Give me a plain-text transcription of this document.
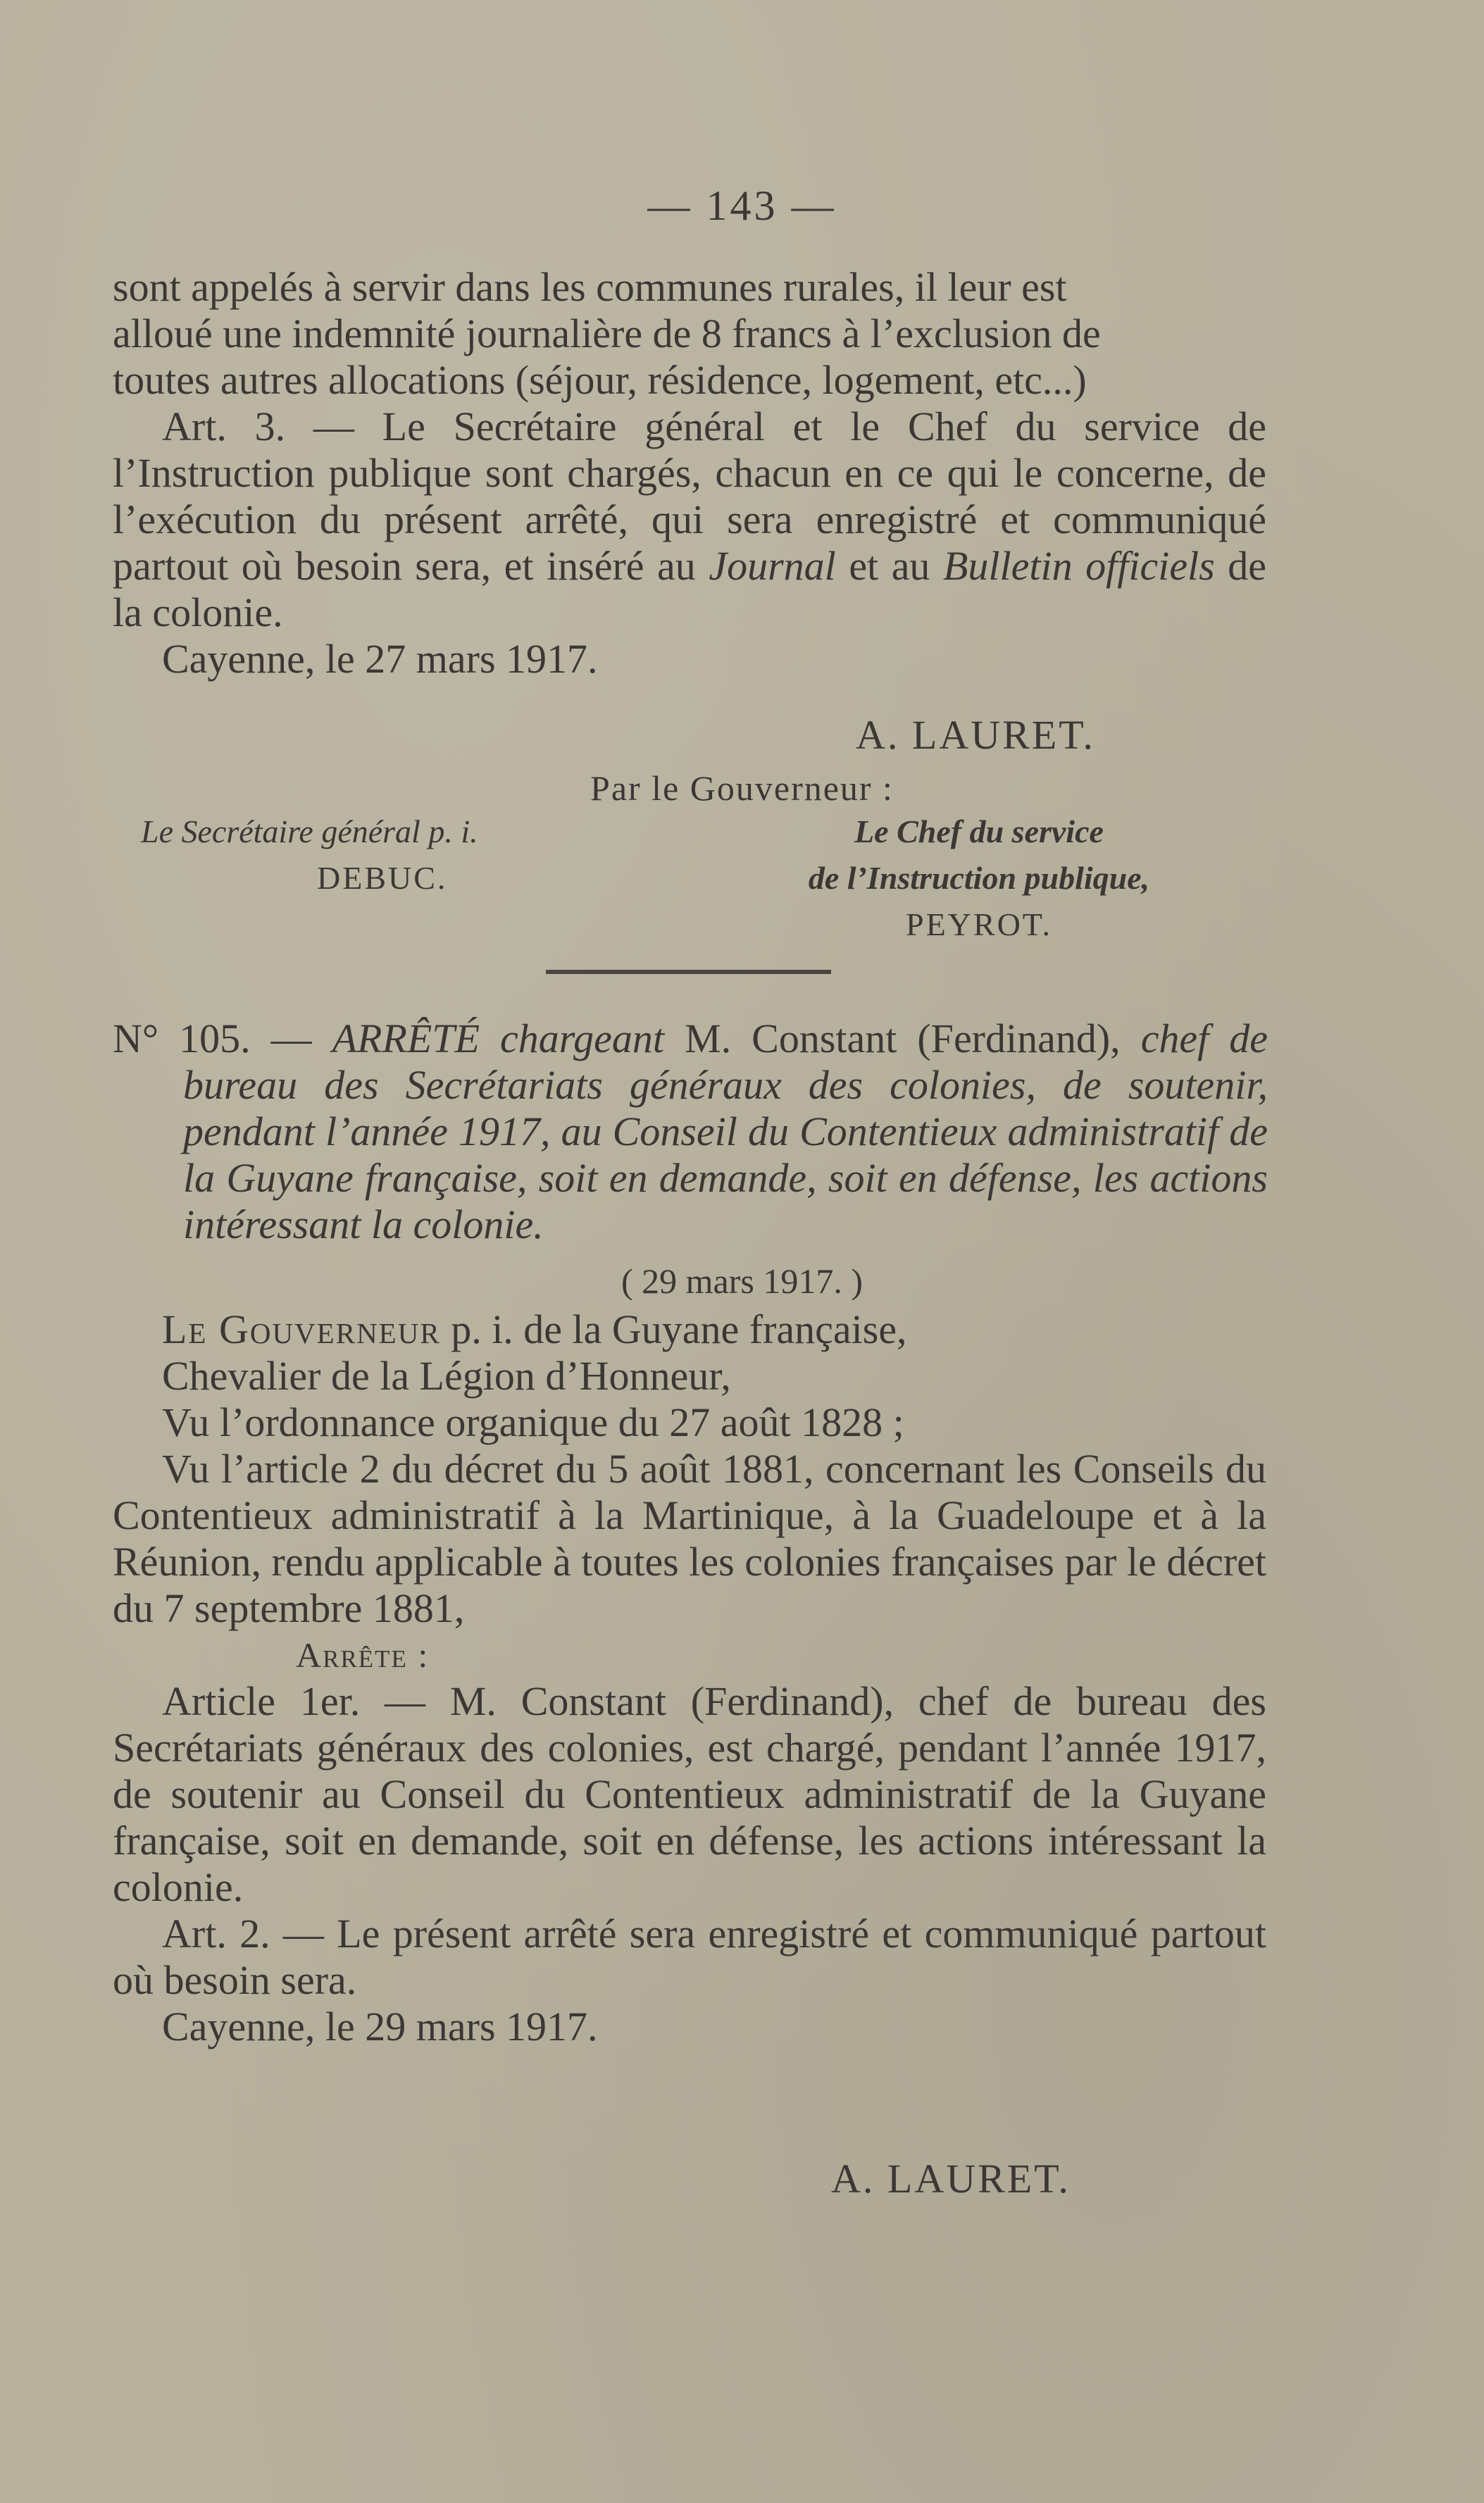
— 143 —

sont appelés à servir dans les communes rurales, il leur est

alloué une indemnité journalière de 8 francs à l’exclusion de

toutes autres allocations (séjour, résidence, logement, etc...)

Art. 3. — Le Secrétaire général et le Chef du service de l’Instruction publique sont chargés, chacun en ce qui le concerne, de l’exécution du présent arrêté, qui sera enregistré et communiqué partout où besoin sera, et inséré au Journal et au Bulletin officiels de la colonie.

Cayenne, le 27 mars 1917.

A. LAURET.
Par le Gouverneur :
Le Secrétaire général p. i.
DEBUC.
Le Chef du service
de l’Instruction publique,
PEYROT.
N° 105. — ARRÊTÉ chargeant M. Constant (Ferdinand), chef de bureau des Secrétariats généraux des colonies, de soutenir, pendant l’année 1917, au Conseil du Contentieux administratif de la Guyane française, soit en demande, soit en défense, les actions intéressant la colonie.
( 29 mars 1917. )

Le Gouverneur p. i. de la Guyane française,

Chevalier de la Légion d’Honneur,

Vu l’ordonnance organique du 27 août 1828 ;

Vu l’article 2 du décret du 5 août 1881, concernant les Conseils du Contentieux administratif à la Martinique, à la Guadeloupe et à la Réunion, rendu applicable à toutes les colonies françaises par le décret du 7 septembre 1881,

Arrête :

Article 1er. — M. Constant (Ferdinand), chef de bureau des Secrétariats généraux des colonies, est chargé, pendant l’année 1917, de soutenir au Conseil du Contentieux administratif de la Guyane française, soit en demande, soit en défense, les actions intéressant la colonie.

Art. 2. — Le présent arrêté sera enregistré et communiqué partout où besoin sera.

Cayenne, le 29 mars 1917.

A. LAURET.
